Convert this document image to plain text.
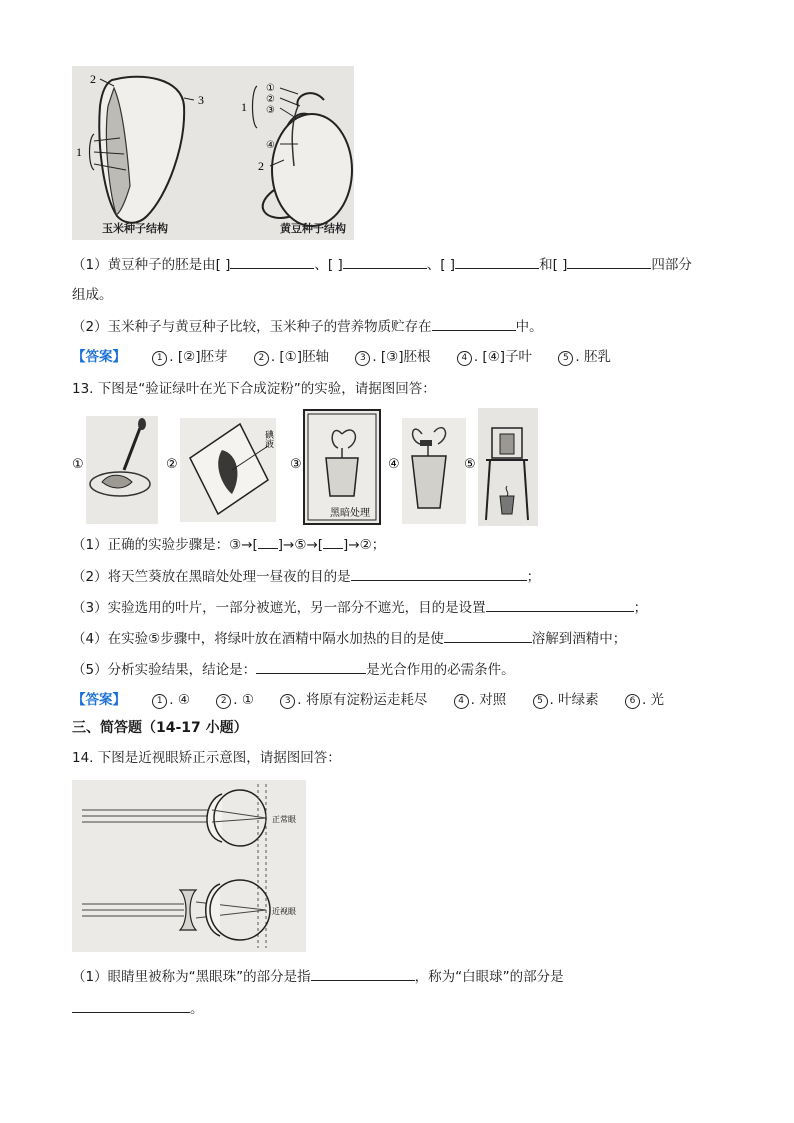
2
3
1
玉米种子结构
1
①
②
③
④
2
黄豆种子结构
（1）黄豆种子的胚是由[ ]	、[ ]	、[ ]	和[ ]	四部分
组成。
（2）玉米种子与黄豆种子比较，玉米种子的营养物质贮存在	中。
【答案】	1 . [②]胚芽	2 . [①]胚轴	3 . [③]胚根	4 . [④]子叶	5 . 胚乳
13. 下图是“验证绿叶在光下合成淀粉”的实验，请据图回答：
①	②
碘液
③
黑暗处理
④	⑤
（1）正确的实验步骤是：③→[ ]→⑤→[ ]→②；
（2）将天竺葵放在黑暗处处理一昼夜的目的是	；
（3）实验选用的叶片，一部分被遮光，另一部分不遮光，目的是设置	；
（4）在实验⑤步骤中，将绿叶放在酒精中隔水加热的目的是使	溶解到酒精中；
（5）分析实验结果，结论是：	是光合作用的必需条件。
【答案】	1 . ④	2 . ①	3 . 将原有淀粉运走耗尽	4 . 对照	5 . 叶绿素	6 . 光
三、简答题（14-17 小题）
14. 下图是近视眼矫正示意图，请据图回答：
正常眼
近视眼
（1）眼睛里被称为“黑眼珠”的部分是指	，称为“白眼球”的部分是
。
